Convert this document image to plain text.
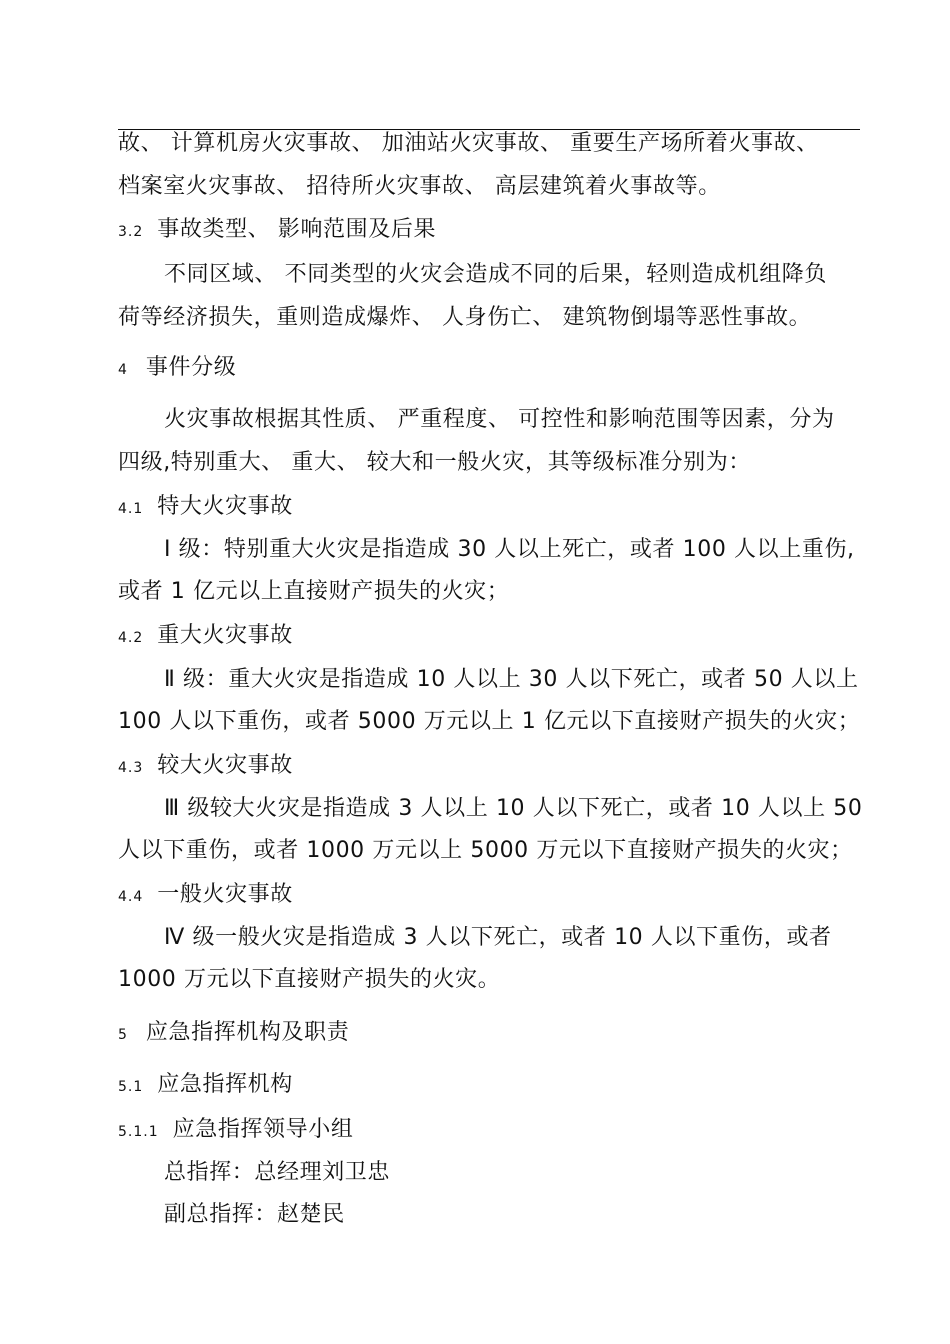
故、 计算机房火灾事故、 加油站火灾事故、 重要生产场所着火事故、
档案室火灾事故、 招待所火灾事故、 高层建筑着火事故等。
3.2 事故类型、 影响范围及后果
不同区域、 不同类型的火灾会造成不同的后果，轻则造成机组降负
荷等经济损失，重则造成爆炸、 人身伤亡、 建筑物倒塌等恶性事故。
4 事件分级
火灾事故根据其性质、 严重程度、 可控性和影响范围等因素，分为
四级,特别重大、 重大、 较大和一般火灾，其等级标准分别为：
4.1 特大火灾事故
Ⅰ 级：特别重大火灾是指造成 30 人以上死亡，或者 100 人以上重伤,
或者 1 亿元以上直接财产损失的火灾；
4.2 重大火灾事故
Ⅱ 级：重大火灾是指造成 10 人以上 30 人以下死亡，或者 50 人以上
100 人以下重伤，或者 5000 万元以上 1 亿元以下直接财产损失的火灾；
4.3 较大火灾事故
Ⅲ 级较大火灾是指造成 3 人以上 10 人以下死亡，或者 10 人以上 50
人以下重伤，或者 1000 万元以上 5000 万元以下直接财产损失的火灾；
4.4 一般火灾事故
Ⅳ 级一般火灾是指造成 3 人以下死亡，或者 10 人以下重伤，或者
1000 万元以下直接财产损失的火灾。
5 应急指挥机构及职责
5.1 应急指挥机构
5.1.1 应急指挥领导小组
总指挥：总经理刘卫忠
副总指挥：赵楚民
